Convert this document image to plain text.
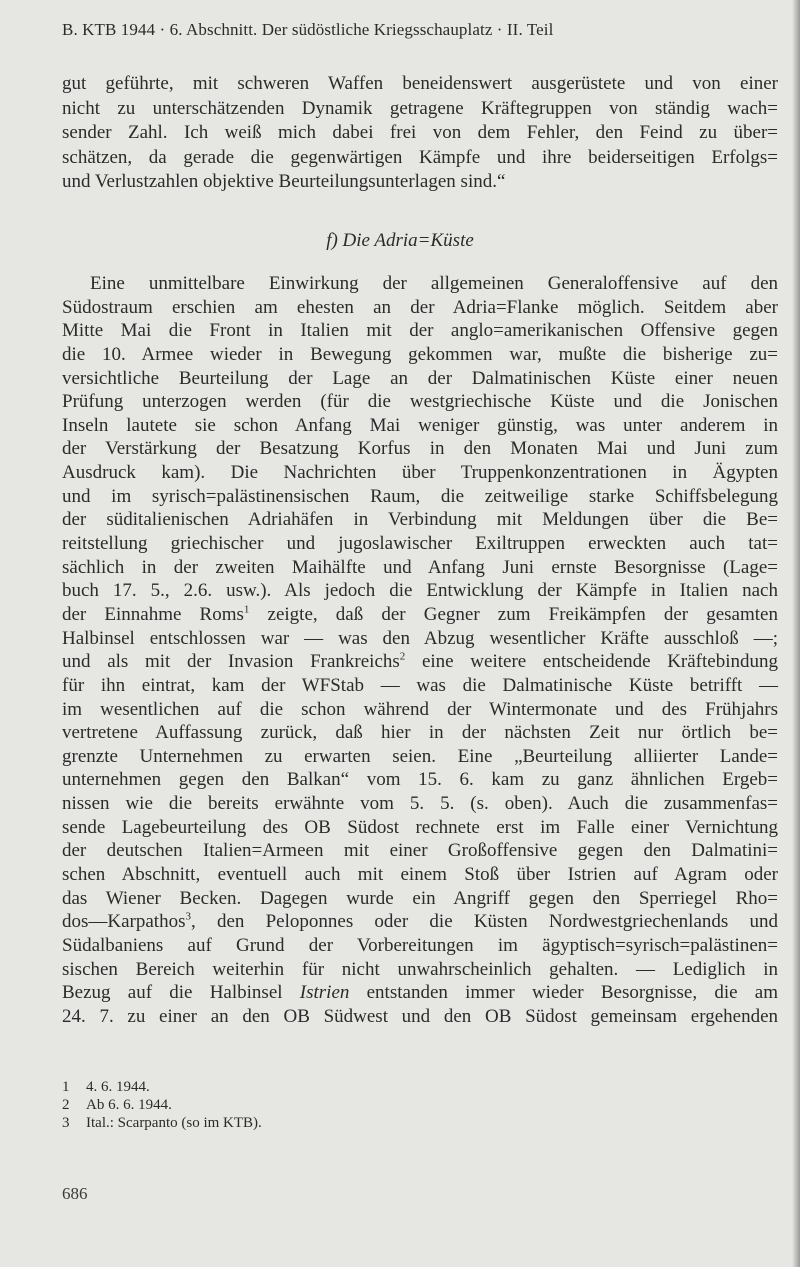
B. KTB 1944 · 6. Abschnitt. Der südöstliche Kriegsschauplatz · II. Teil
gut geführte, mit schweren Waffen beneidenswert ausgerüstete und von einer
nicht zu unterschätzenden Dynamik getragene Kräftegruppen von ständig wach=
sender Zahl. Ich weiß mich dabei frei von dem Fehler, den Feind zu über=
schätzen, da gerade die gegenwärtigen Kämpfe und ihre beiderseitigen Erfolgs=
und Verlustzahlen objektive Beurteilungsunterlagen sind.“
f) Die Adria=Küste
Eine unmittelbare Einwirkung der allgemeinen Generaloffensive auf den
Südostraum erschien am ehesten an der Adria=Flanke möglich. Seitdem aber
Mitte Mai die Front in Italien mit der anglo=amerikanischen Offensive gegen
die 10. Armee wieder in Bewegung gekommen war, mußte die bisherige zu=
versichtliche Beurteilung der Lage an der Dalmatinischen Küste einer neuen
Prüfung unterzogen werden (für die westgriechische Küste und die Jonischen
Inseln lautete sie schon Anfang Mai weniger günstig, was unter anderem in
der Verstärkung der Besatzung Korfus in den Monaten Mai und Juni zum
Ausdruck kam). Die Nachrichten über Truppenkonzentrationen in Ägypten
und im syrisch=palästinensischen Raum, die zeitweilige starke Schiffsbelegung
der süditalienischen Adriahäfen in Verbindung mit Meldungen über die Be=
reitstellung griechischer und jugoslawischer Exiltruppen erweckten auch tat=
sächlich in der zweiten Maihälfte und Anfang Juni ernste Besorgnisse (Lage=
buch 17. 5., 2.6. usw.). Als jedoch die Entwicklung der Kämpfe in Italien nach
der Einnahme Roms$^1$ zeigte, daß der Gegner zum Freikämpfen der gesamten
Halbinsel entschlossen war — was den Abzug wesentlicher Kräfte ausschloß —;
und als mit der Invasion Frankreichs$^2$ eine weitere entscheidende Kräftebindung
für ihn eintrat, kam der WFStab — was die Dalmatinische Küste betrifft —
im wesentlichen auf die schon während der Wintermonate und des Frühjahrs
vertretene Auffassung zurück, daß hier in der nächsten Zeit nur örtlich be=
grenzte Unternehmen zu erwarten seien. Eine „Beurteilung alliierter Lande=
unternehmen gegen den Balkan“ vom 15. 6. kam zu ganz ähnlichen Ergeb=
nissen wie die bereits erwähnte vom 5. 5. (s. oben). Auch die zusammenfas=
sende Lagebeurteilung des OB Südost rechnete erst im Falle einer Vernichtung
der deutschen Italien=Armeen mit einer Großoffensive gegen den Dalmatini=
schen Abschnitt, eventuell auch mit einem Stoß über Istrien auf Agram oder
das Wiener Becken. Dagegen wurde ein Angriff gegen den Sperriegel Rho=
dos—Karpathos$^3$, den Peloponnes oder die Küsten Nordwestgriechenlands und
Südalbaniens auf Grund der Vorbereitungen im ägyptisch=syrisch=palästinen=
sischen Bereich weiterhin für nicht unwahrscheinlich gehalten. — Lediglich in
Bezug auf die Halbinsel Istrien entstanden immer wieder Besorgnisse, die am
24. 7. zu einer an den OB Südwest und den OB Südost gemeinsam ergehenden
1 4. 6. 1944.
2 Ab 6. 6. 1944.
3 Ital.: Scarpanto (so im KTB).
686
